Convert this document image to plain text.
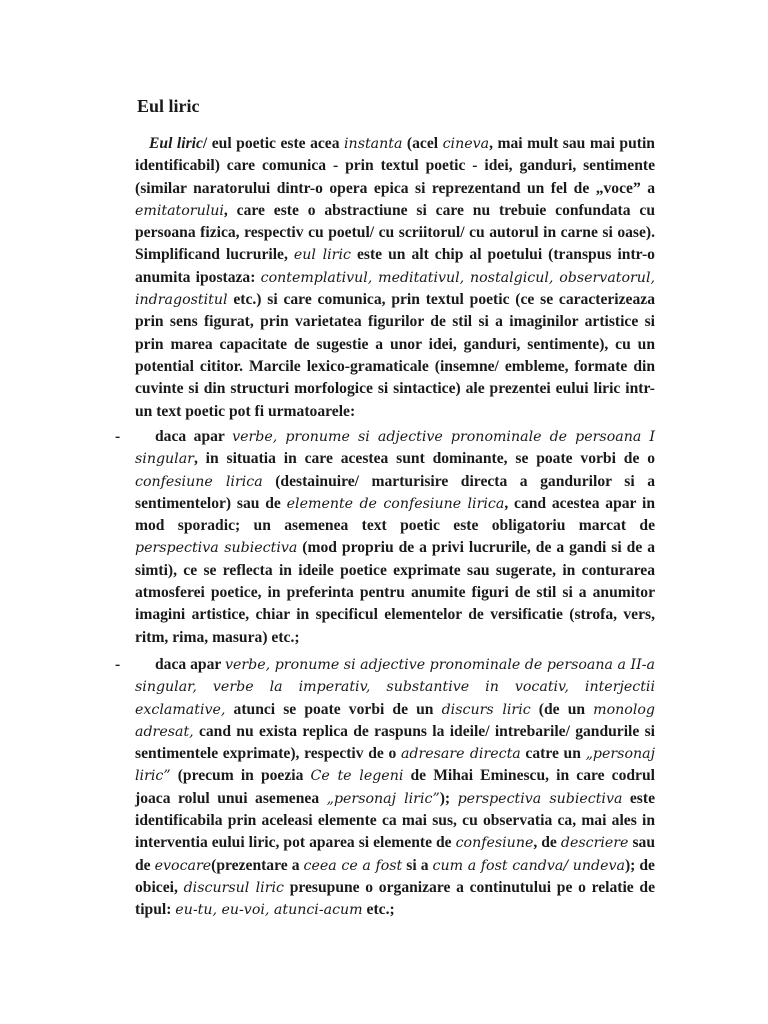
Eul liric
Eul liric/ eul poetic este acea instanta (acel cineva, mai mult sau mai putin identificabil) care comunica - prin textul poetic - idei, ganduri, sentimente (similar naratorului dintr-o opera epica si reprezentand un fel de „voce” a emitatorului, care este o abstractiune si care nu trebuie confundata cu persoana fizica, respectiv cu poetul/ cu scriitorul/ cu autorul in carne si oase). Simplificand lucrurile, eul liric este un alt chip al poetului (transpus intr-o anumita ipostaza: contemplativul, meditativul, nostalgicul, observatorul, indragostitul etc.) si care comunica, prin textul poetic (ce se caracterizeaza prin sens figurat, prin varietatea figurilor de stil si a imaginilor artistice si prin marea capacitate de sugestie a unor idei, ganduri, sentimente), cu un potential cititor. Marcile lexico-gramaticale (insemne/ embleme, formate din cuvinte si din structuri morfologice si sintactice) ale prezentei eului liric intr-un text poetic pot fi urmatoarele:
-	daca apar verbe, pronume si adjective pronominale de persoana I singular, in situatia in care acestea sunt dominante, se poate vorbi de o confesiune lirica (destainuire/ marturisire directa a gandurilor si a sentimentelor) sau de elemente de confesiune lirica, cand acestea apar in mod sporadic; un asemenea text poetic este obligatoriu marcat de perspectiva subiectiva (mod propriu de a privi lucrurile, de a gandi si de a simti), ce se reflecta in ideile poetice exprimate sau sugerate, in conturarea atmosferei poetice, in preferinta pentru anumite figuri de stil si a anumitor imagini artistice, chiar in specificul elementelor de versificatie (strofa, vers, ritm, rima, masura) etc.;
-	daca apar verbe, pronume si adjective pronominale de persoana a II-a singular, verbe la imperativ, substantive in vocativ, interjectii exclamative, atunci se poate vorbi de un discurs liric (de un monolog adresat, cand nu exista replica de raspuns la ideile/ intrebarile/ gandurile si sentimentele exprimate), respectiv de o adresare directa catre un „personaj liric” (precum in poezia Ce te legeni de Mihai Eminescu, in care codrul joaca rolul unui asemenea „personaj liric”); perspectiva subiectiva este identificabila prin aceleasi elemente ca mai sus, cu observatia ca, mai ales in interventia eului liric, pot aparea si elemente de confesiune, de descriere sau de evocare(prezentare a ceea ce a fost si a cum a fost candva/ undeva); de obicei, discursul liric presupune o organizare a continutului pe o relatie de tipul: eu-tu, eu-voi, atunci-acum etc.;
